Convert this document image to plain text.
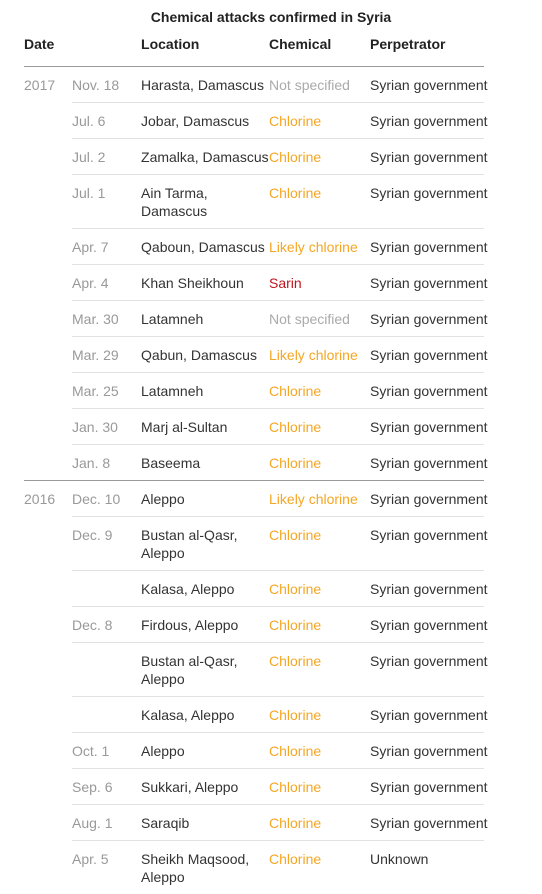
Chemical attacks confirmed in Syria
Date		Location	Chemical	Perpetrator
2017	Nov. 18	Harasta, Damascus	Not specified	Syrian government
	Jul. 6	Jobar, Damascus	Chlorine	Syrian government
	Jul. 2	Zamalka, Damascus	Chlorine	Syrian government
	Jul. 1	Ain Tarma, Damascus	Chlorine	Syrian government
	Apr. 7	Qaboun, Damascus	Likely chlorine	Syrian government
	Apr. 4	Khan Sheikhoun	Sarin	Syrian government
	Mar. 30	Latamneh	Not specified	Syrian government
	Mar. 29	Qabun, Damascus	Likely chlorine	Syrian government
	Mar. 25	Latamneh	Chlorine	Syrian government
	Jan. 30	Marj al-Sultan	Chlorine	Syrian government
	Jan. 8	Baseema	Chlorine	Syrian government
2016	Dec. 10	Aleppo	Likely chlorine	Syrian government
	Dec. 9	Bustan al-Qasr, Aleppo	Chlorine	Syrian government
		Kalasa, Aleppo	Chlorine	Syrian government
	Dec. 8	Firdous, Aleppo	Chlorine	Syrian government
		Bustan al-Qasr, Aleppo	Chlorine	Syrian government
		Kalasa, Aleppo	Chlorine	Syrian government
	Oct. 1	Aleppo	Chlorine	Syrian government
	Sep. 6	Sukkari, Aleppo	Chlorine	Syrian government
	Aug. 1	Saraqib	Chlorine	Syrian government
	Apr. 5	Sheikh Maqsood, Aleppo	Chlorine	Unknown
